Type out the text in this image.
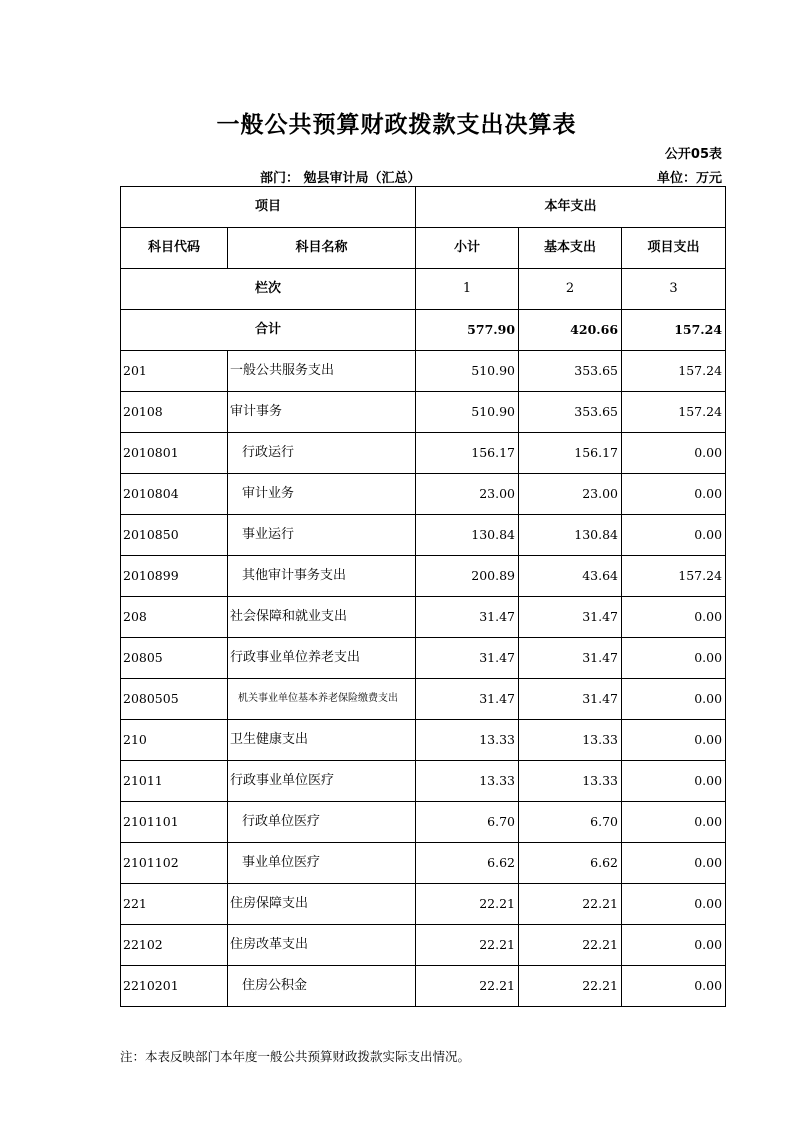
一般公共预算财政拨款支出决算表
公开05表
部门： 勉县审计局（汇总）	单位：万元
项目		本年支出		
科目代码	科目名称	小计	基本支出	项目支出
栏次		1	2	3
合计		577.90	420.66	157.24
201	一般公共服务支出	510.90	353.65	157.24
20108	审计事务	510.90	353.65	157.24
2010801	行政运行	156.17	156.17	0.00
2010804	审计业务	23.00	23.00	0.00
2010850	事业运行	130.84	130.84	0.00
2010899	其他审计事务支出	200.89	43.64	157.24
208	社会保障和就业支出	31.47	31.47	0.00
20805	行政事业单位养老支出	31.47	31.47	0.00
2080505	机关事业单位基本养老保险缴费支出	31.47	31.47	0.00
210	卫生健康支出	13.33	13.33	0.00
21011	行政事业单位医疗	13.33	13.33	0.00
2101101	行政单位医疗	6.70	6.70	0.00
2101102	事业单位医疗	6.62	6.62	0.00
221	住房保障支出	22.21	22.21	0.00
22102	住房改革支出	22.21	22.21	0.00
2210201	住房公积金	22.21	22.21	0.00
注：本表反映部门本年度一般公共预算财政拨款实际支出情况。
